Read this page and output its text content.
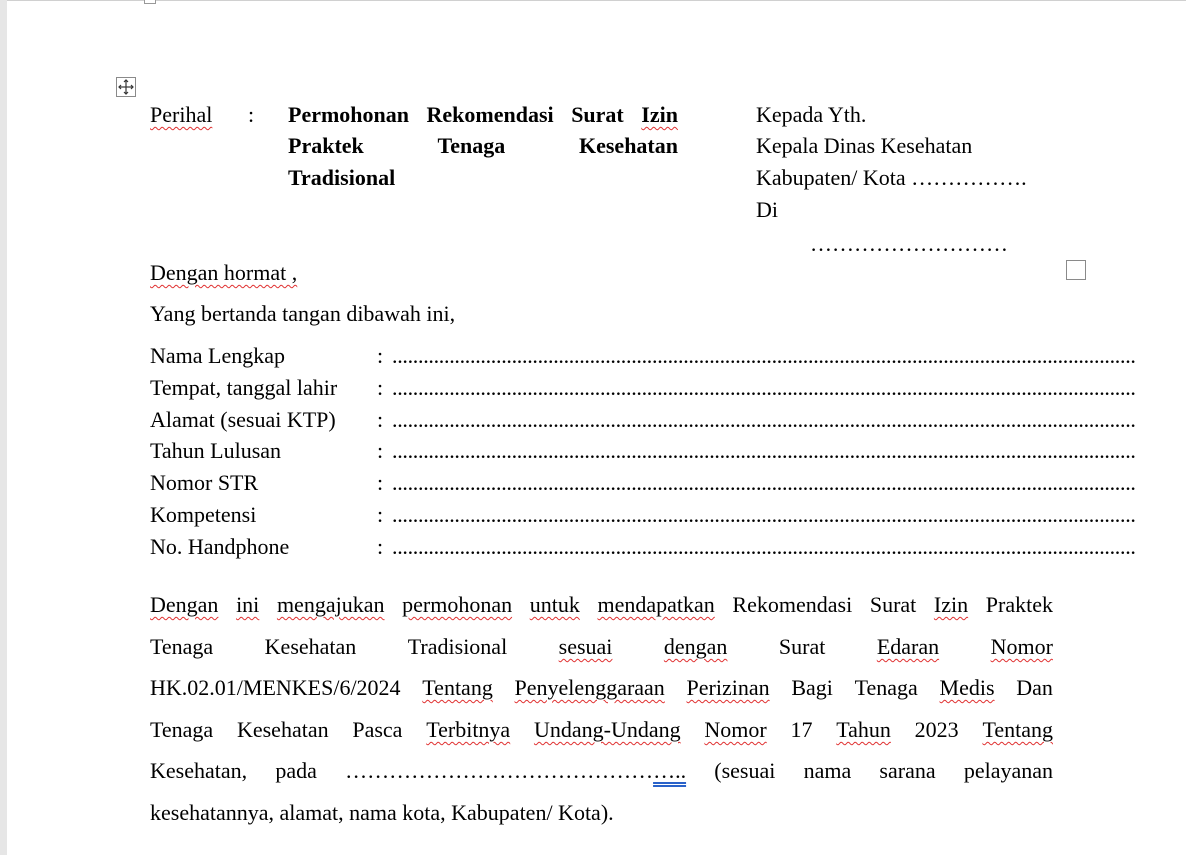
Perihal : Permohonan Rekomendasi Surat Izin
Praktek	Tenaga	Kesehatan
Tradisional
Kepada Yth.
Kepala Dinas Kesehatan
Kabupaten/ Kota …………….
Di
………………………
Dengan hormat ,
Yang bertanda tangan dibawah ini,
Nama Lengkap	: ...............................................................................................................................................
Tempat, tanggal lahir : ...............................................................................................................................................
Alamat (sesuai KTP) : ...............................................................................................................................................
Tahun Lulusan	: ...............................................................................................................................................
Nomor STR	: ...............................................................................................................................................
Kompetensi	: ...............................................................................................................................................
No. Handphone	: ...............................................................................................................................................
Dengan ini mengajukan permohonan untuk mendapatkan Rekomendasi Surat Izin Praktek
Tenaga Kesehatan Tradisional sesuai dengan Surat Edaran Nomor
HK.02.01/MENKES/6/2024 Tentang Penyelenggaraan Perizinan Bagi Tenaga Medis Dan
Tenaga Kesehatan Pasca Terbitnya Undang-Undang Nomor 17 Tahun 2023 Tentang
Kesehatan, pada ……………………………………….. (sesuai nama sarana pelayanan
kesehatannya, alamat, nama kota, Kabupaten/ Kota).
